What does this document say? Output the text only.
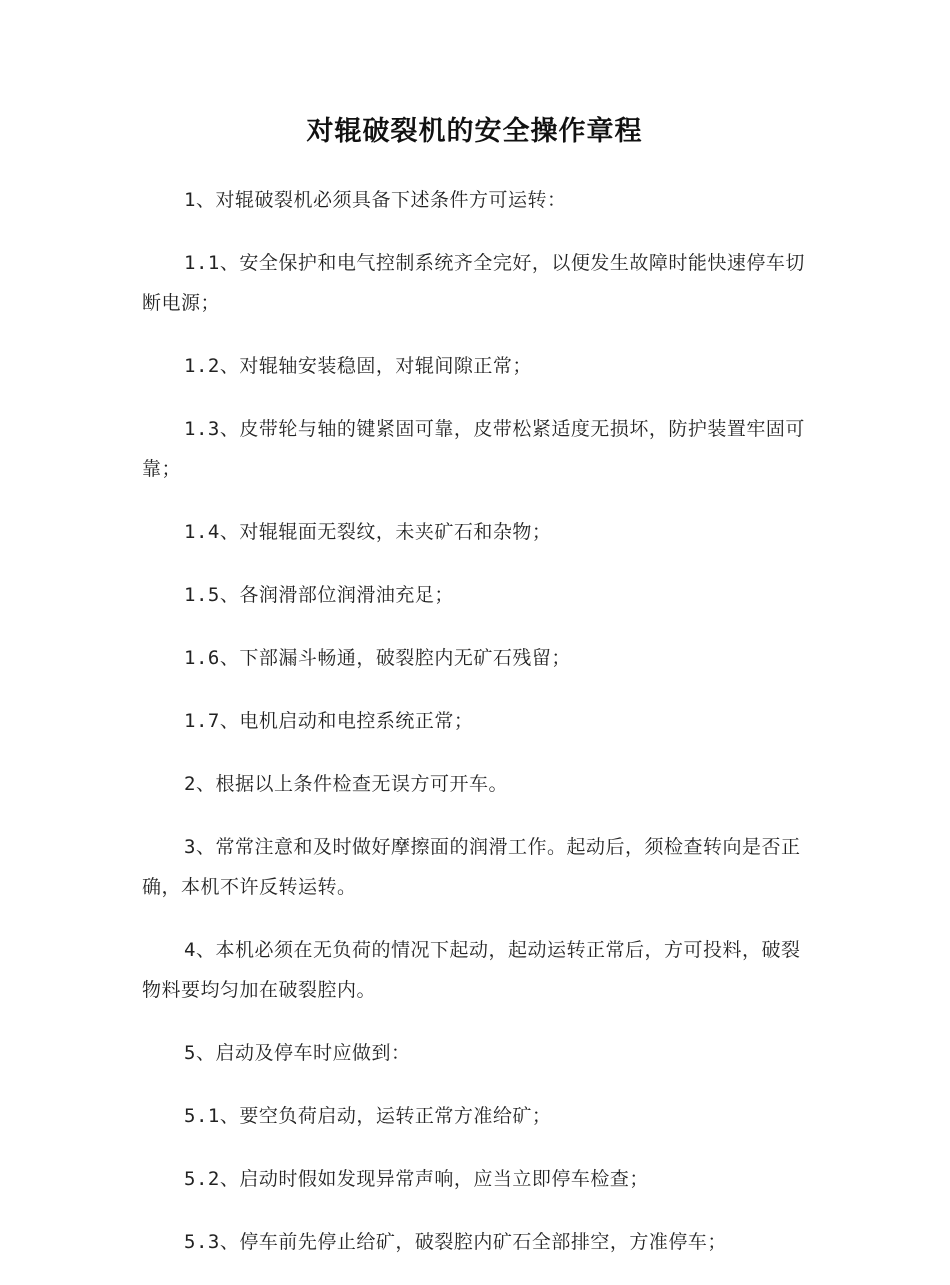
对辊破裂机的安全操作章程

1、对辊破裂机必须具备下述条件方可运转：

1.1、安全保护和电气控制系统齐全完好，以便发生故障时能快速停车切断电源；

1.2、对辊轴安装稳固，对辊间隙正常；

1.3、皮带轮与轴的键紧固可靠，皮带松紧适度无损坏，防护装置牢固可靠；

1.4、对辊辊面无裂纹，未夹矿石和杂物；

1.5、各润滑部位润滑油充足；

1.6、下部漏斗畅通，破裂腔内无矿石残留；

1.7、电机启动和电控系统正常；

2、根据以上条件检查无误方可开车。

3、常常注意和及时做好摩擦面的润滑工作。起动后，须检查转向是否正确，本机不许反转运转。

4、本机必须在无负荷的情况下起动，起动运转正常后，方可投料，破裂物料要均匀加在破裂腔内。

5、启动及停车时应做到：

5.1、要空负荷启动，运转正常方准给矿；

5.2、启动时假如发现异常声响，应当立即停车检查；

5.3、停车前先停止给矿，破裂腔内矿石全部排空，方准停车；
